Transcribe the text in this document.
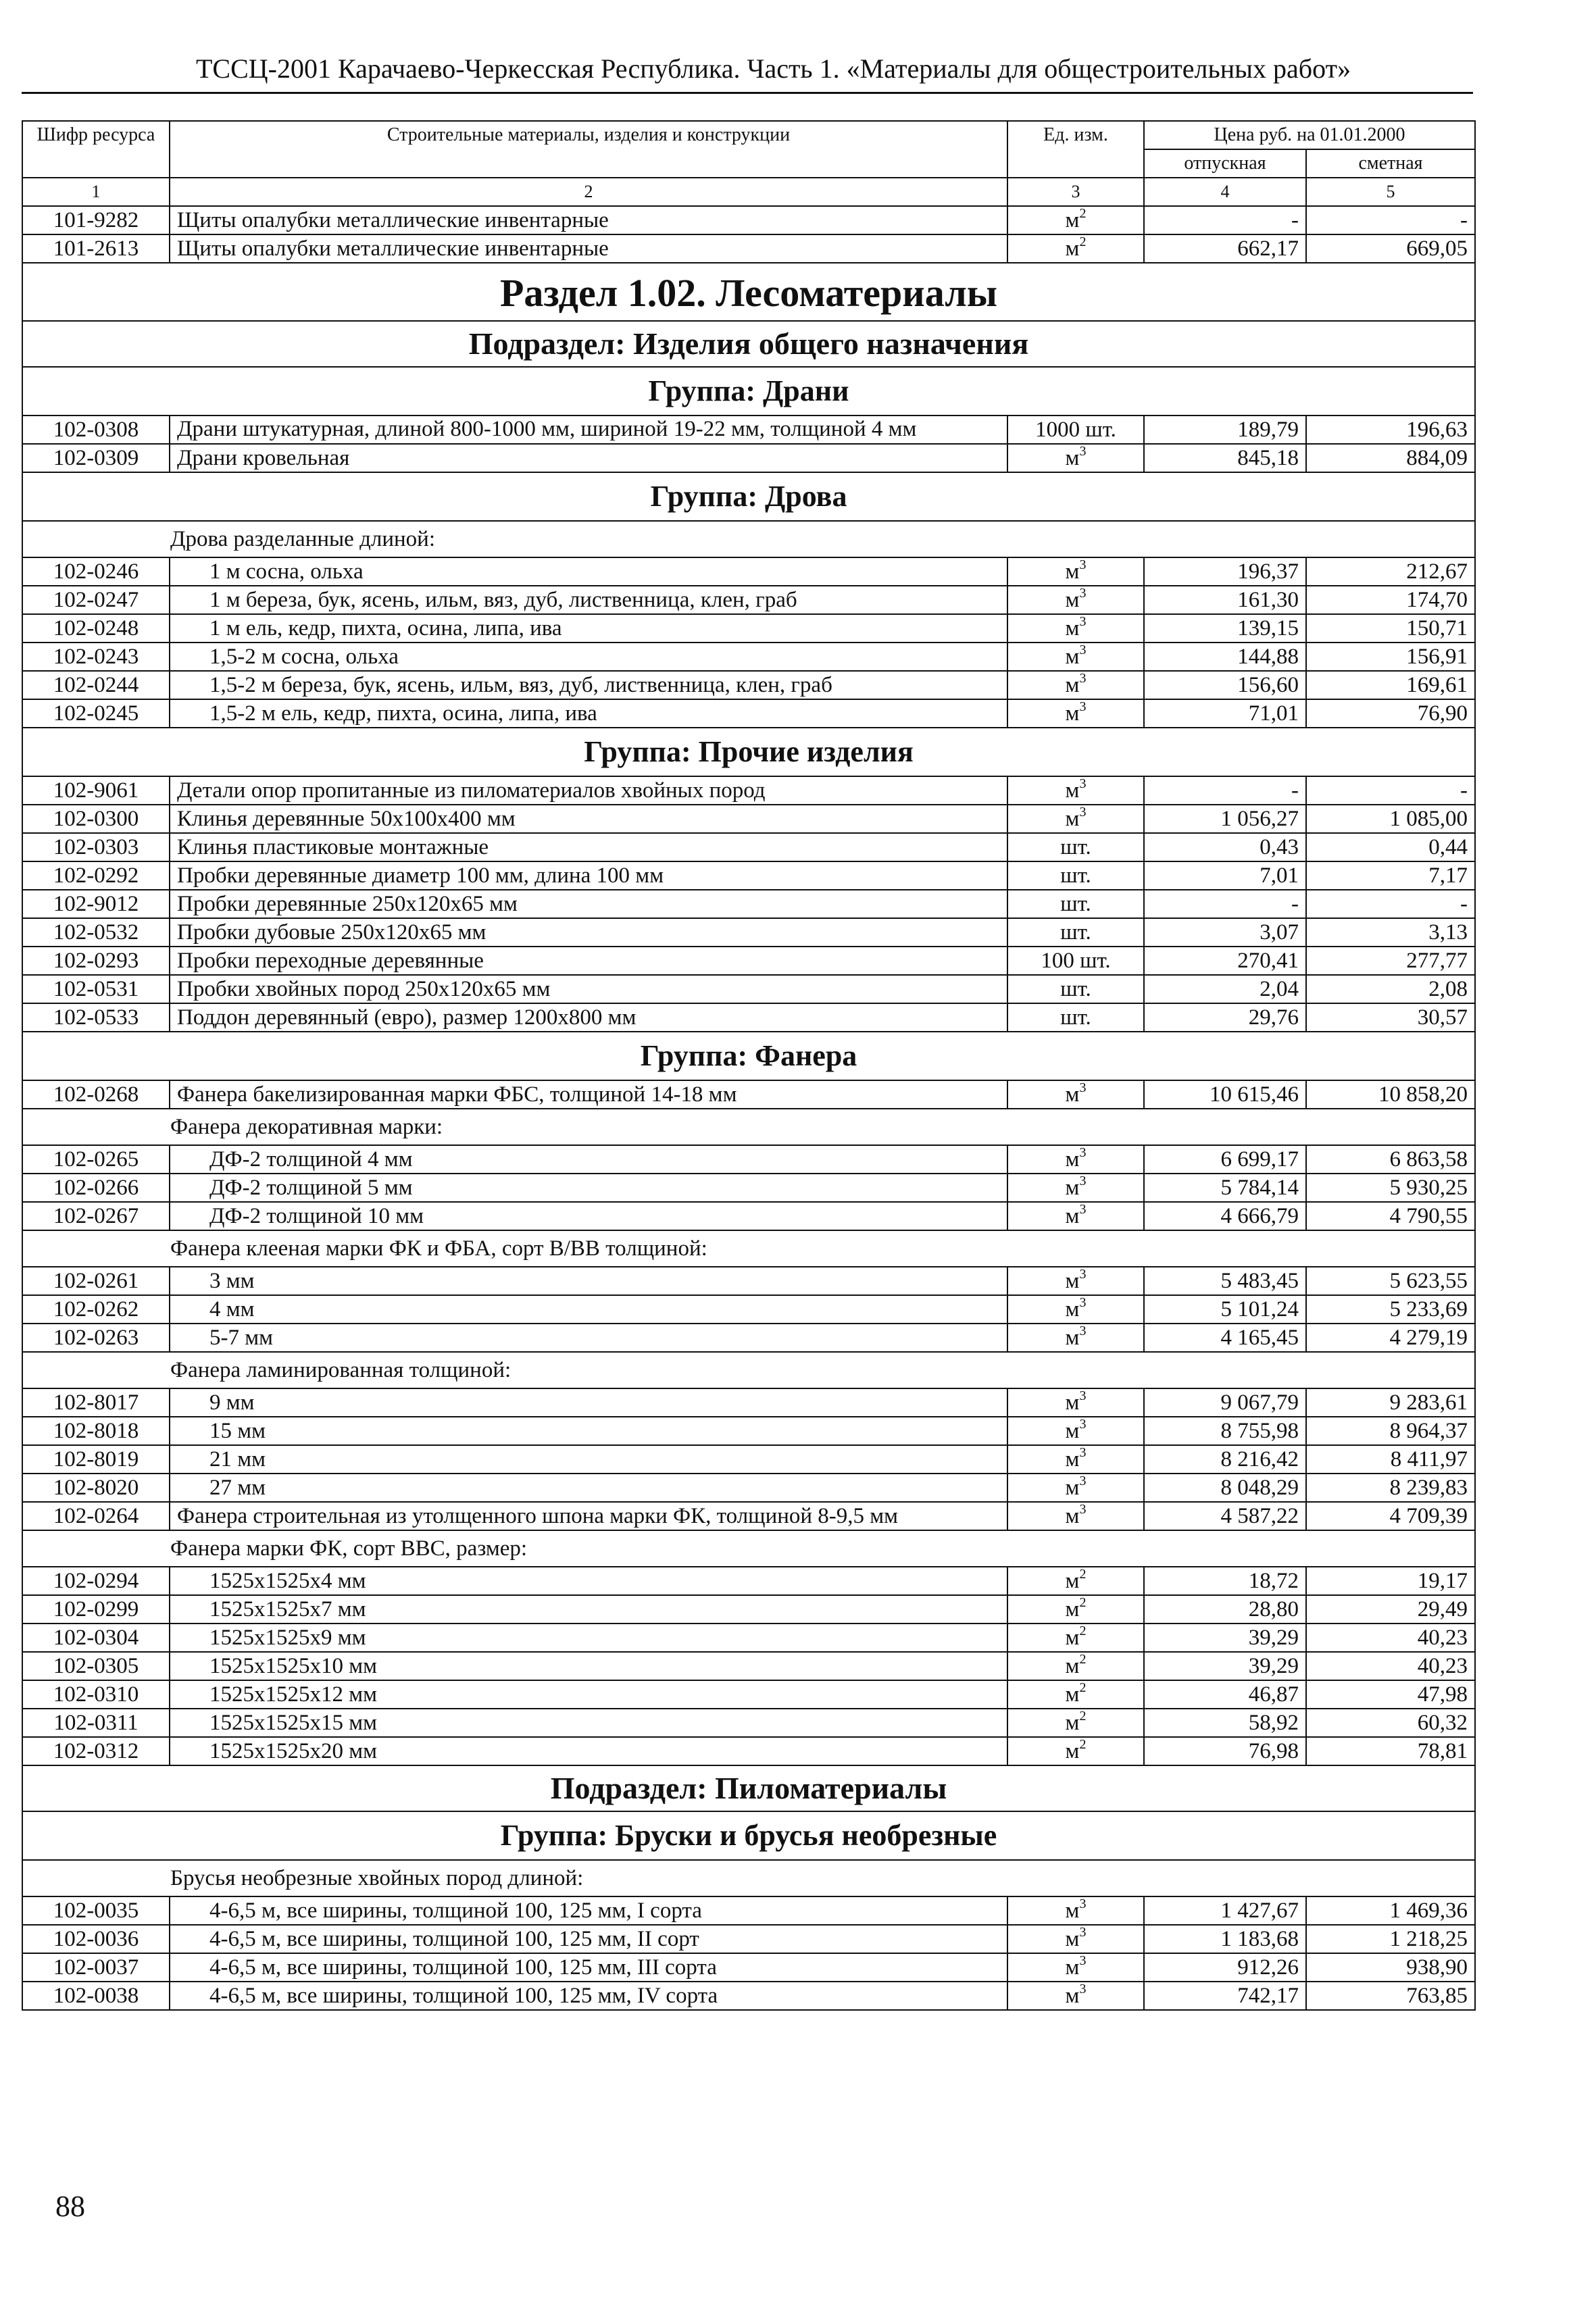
ТССЦ-2001 Карачаево-Черкесская Республика. Часть 1. «Материалы для общестроительных работ»
Шифр ресурса	Строительные материалы, изделия и конструкции	Ед. изм.	Цена руб. на 01.01.2000	
			отпускная	сметная
1	2	3	4	5
101-9282	Щиты опалубки металлические инвентарные	$м^2$	-	-
101-2613	Щиты опалубки металлические инвентарные	$м^2$	662,17	669,05
Раздел 1.02. Лесоматериалы				
Подраздел: Изделия общего назначения				
Группа: Драни				
102-0308	Драни штукатурная, длиной 800-1000 мм, шириной 19-22 мм, толщиной 4 мм	1000 шт.	189,79	196,63
102-0309	Драни кровельная	$м^3$	845,18	884,09
Группа: Дрова				
Дрова разделанные длиной:				
102-0246	1 м сосна, ольха	$м^3$	196,37	212,67
102-0247	1 м береза, бук, ясень, ильм, вяз, дуб, лиственница, клен, граб	$м^3$	161,30	174,70
102-0248	1 м ель, кедр, пихта, осина, липа, ива	$м^3$	139,15	150,71
102-0243	1,5-2 м сосна, ольха	$м^3$	144,88	156,91
102-0244	1,5-2 м береза, бук, ясень, ильм, вяз, дуб, лиственница, клен, граб	$м^3$	156,60	169,61
102-0245	1,5-2 м ель, кедр, пихта, осина, липа, ива	$м^3$	71,01	76,90
Группа: Прочие изделия				
102-9061	Детали опор пропитанные из пиломатериалов хвойных пород	$м^3$	-	-
102-0300	Клинья деревянные 50х100х400 мм	$м^3$	1 056,27	1 085,00
102-0303	Клинья пластиковые монтажные	шт.	0,43	0,44
102-0292	Пробки деревянные диаметр 100 мм, длина 100 мм	шт.	7,01	7,17
102-9012	Пробки деревянные 250х120х65 мм	шт.	-	-
102-0532	Пробки дубовые 250х120х65 мм	шт.	3,07	3,13
102-0293	Пробки переходные деревянные	100 шт.	270,41	277,77
102-0531	Пробки хвойных пород 250х120х65 мм	шт.	2,04	2,08
102-0533	Поддон деревянный (евро), размер 1200х800 мм	шт.	29,76	30,57
Группа: Фанера				
102-0268	Фанера бакелизированная марки ФБС, толщиной 14-18 мм	$м^3$	10 615,46	10 858,20
Фанера декоративная марки:				
102-0265	ДФ-2 толщиной 4 мм	$м^3$	6 699,17	6 863,58
102-0266	ДФ-2 толщиной 5 мм	$м^3$	5 784,14	5 930,25
102-0267	ДФ-2 толщиной 10 мм	$м^3$	4 666,79	4 790,55
Фанера клееная марки ФК и ФБА, сорт В/ВВ толщиной:				
102-0261	3 мм	$м^3$	5 483,45	5 623,55
102-0262	4 мм	$м^3$	5 101,24	5 233,69
102-0263	5-7 мм	$м^3$	4 165,45	4 279,19
Фанера ламинированная толщиной:				
102-8017	9 мм	$м^3$	9 067,79	9 283,61
102-8018	15 мм	$м^3$	8 755,98	8 964,37
102-8019	21 мм	$м^3$	8 216,42	8 411,97
102-8020	27 мм	$м^3$	8 048,29	8 239,83
102-0264	Фанера строительная из утолщенного шпона марки ФК, толщиной 8-9,5 мм	$м^3$	4 587,22	4 709,39
Фанера марки ФК, сорт ВВС, размер:				
102-0294	1525х1525х4 мм	$м^2$	18,72	19,17
102-0299	1525х1525х7 мм	$м^2$	28,80	29,49
102-0304	1525х1525х9 мм	$м^2$	39,29	40,23
102-0305	1525х1525х10 мм	$м^2$	39,29	40,23
102-0310	1525х1525х12 мм	$м^2$	46,87	47,98
102-0311	1525х1525х15 мм	$м^2$	58,92	60,32
102-0312	1525х1525х20 мм	$м^2$	76,98	78,81
Подраздел: Пиломатериалы				
Группа: Бруски и брусья необрезные				
Брусья необрезные хвойных пород длиной:				
102-0035	4-6,5 м, все ширины, толщиной 100, 125 мм, I сорта	$м^3$	1 427,67	1 469,36
102-0036	4-6,5 м, все ширины, толщиной 100, 125 мм, II сорт	$м^3$	1 183,68	1 218,25
102-0037	4-6,5 м, все ширины, толщиной 100, 125 мм, III сорта	$м^3$	912,26	938,90
102-0038	4-6,5 м, все ширины, толщиной 100, 125 мм, IV сорта	$м^3$	742,17	763,85
88
